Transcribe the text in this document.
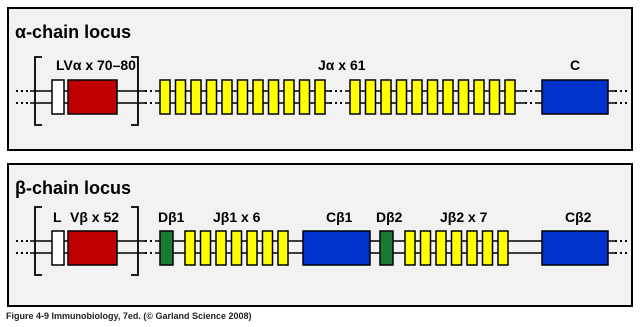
α-chain locus
LVα x 70–80	Jα x 61	C
β-chain locus
L Vβ x 52	Dβ1 Jβ1 x 6	Cβ1 Dβ2	Jβ2 x 7	Cβ2
Figure 4-9 Immunobiology, 7ed. (© Garland Science 2008)
